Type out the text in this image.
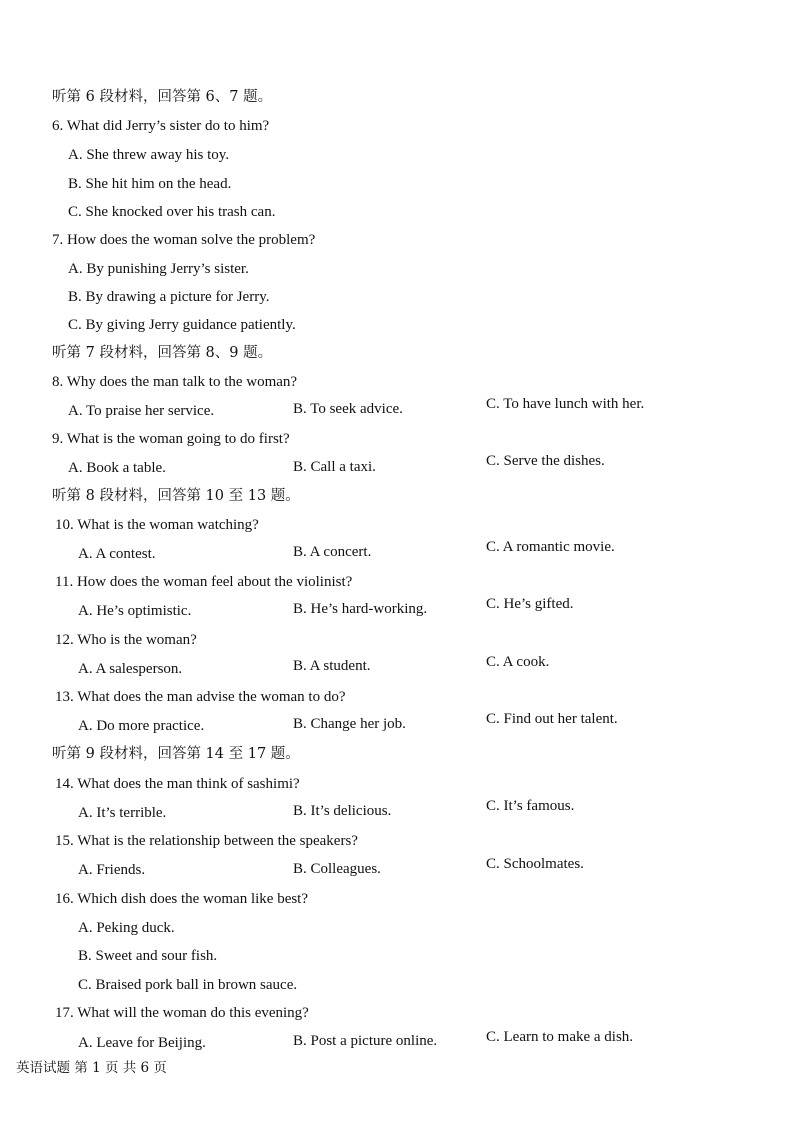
听第 6 段材料，回答第 6、7 题。
6. What did Jerry’s sister do to him?
A. She threw away his toy.
B. She hit him on the head.
C. She knocked over his trash can.
7. How does the woman solve the problem?
A. By punishing Jerry’s sister.
B. By drawing a picture for Jerry.
C. By giving Jerry guidance patiently.
听第 7 段材料，回答第 8、9 题。
8. Why does the man talk to the woman?
A. To praise her service.	B. To seek advice.	C. To have lunch with her.
9. What is the woman going to do first?
A. Book a table.	B. Call a taxi.	C. Serve the dishes.
听第 8 段材料，回答第 10 至 13 题。
10. What is the woman watching?
A. A contest.	B. A concert.	C. A romantic movie.
11. How does the woman feel about the violinist?
A. He’s optimistic.	B. He’s hard-working.	C. He’s gifted.
12. Who is the woman?
A. A salesperson.	B. A student.	C. A cook.
13. What does the man advise the woman to do?
A. Do more practice.	B. Change her job.	C. Find out her talent.
听第 9 段材料，回答第 14 至 17 题。
14. What does the man think of sashimi?
A. It’s terrible.	B. It’s delicious.	C. It’s famous.
15. What is the relationship between the speakers?
A. Friends.	B. Colleagues.	C. Schoolmates.
16. Which dish does the woman like best?
A. Peking duck.
B. Sweet and sour fish.
C. Braised pork ball in brown sauce.
17. What will the woman do this evening?
A. Leave for Beijing.	B. Post a picture online.	C. Learn to make a dish.
英语试题 第 1 页 共 6 页
